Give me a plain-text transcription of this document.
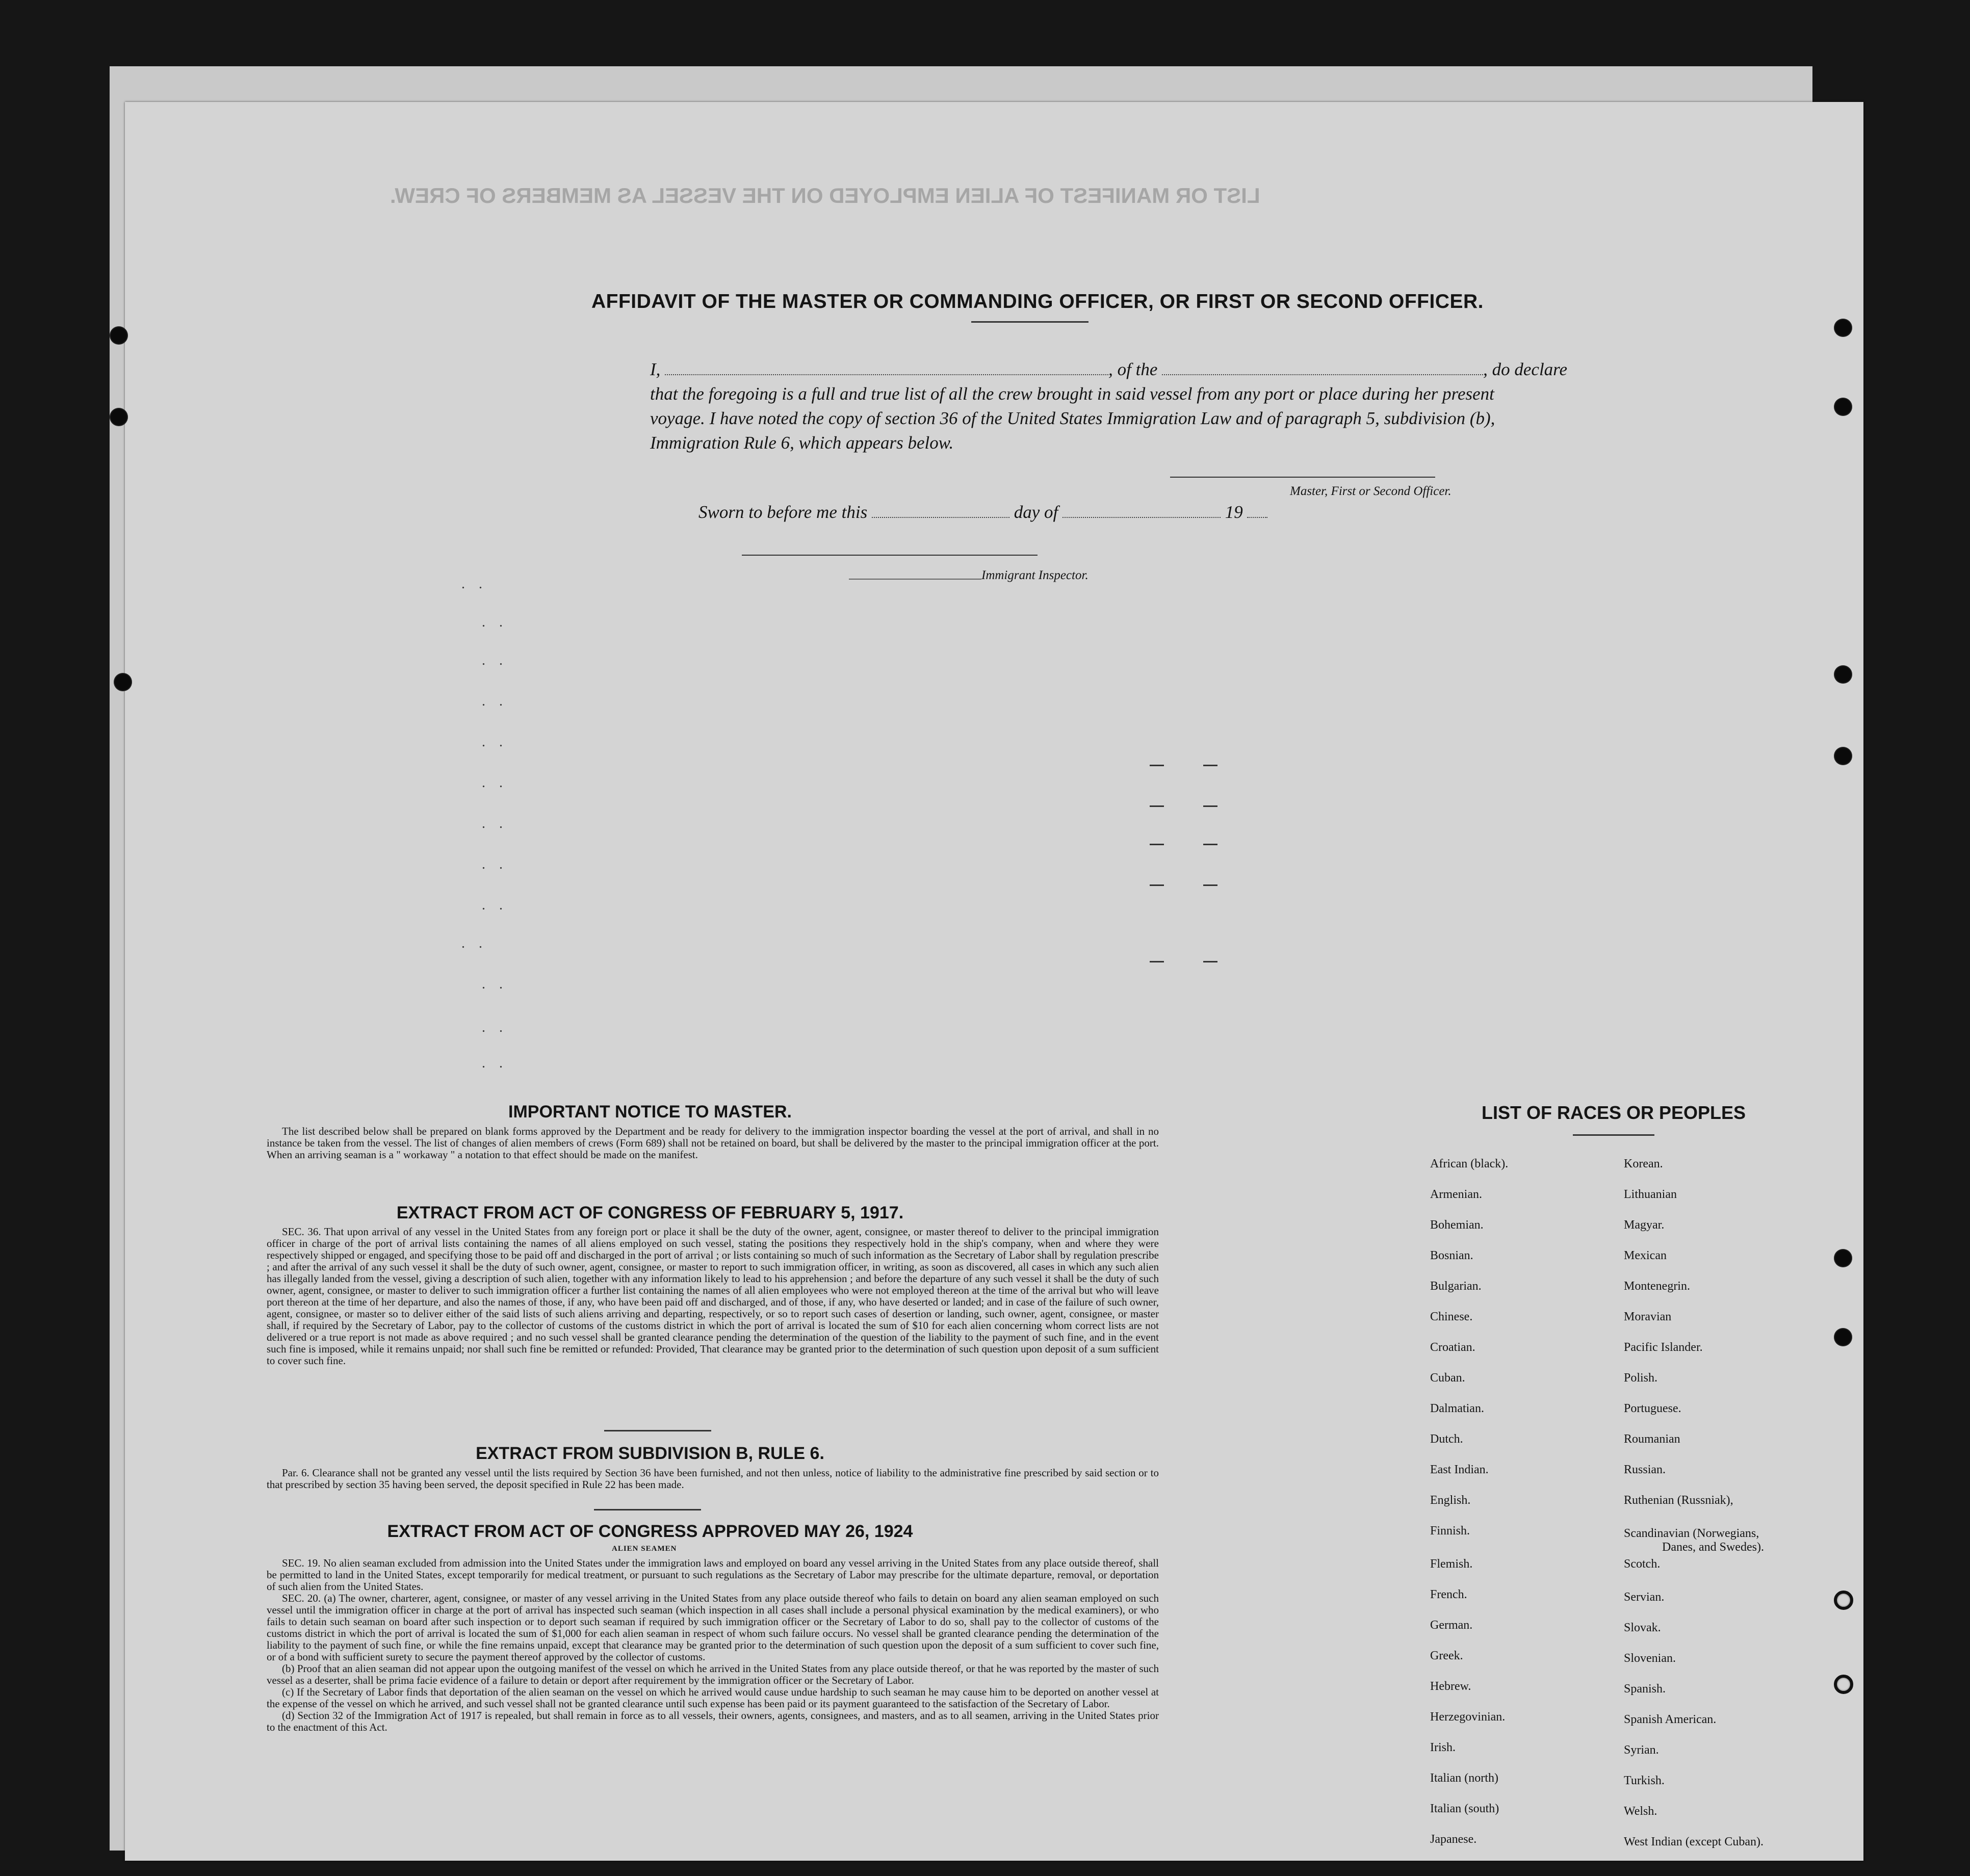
LIST OR MANIFEST OF ALIEN EMPLOYED ON THE VESSEL AS MEMBERS OF CREW.
AFFIDAVIT OF THE MASTER OR COMMANDING OFFICER, OR FIRST OR SECOND OFFICER.
I,	, of the	, do declare
that the foregoing is a full and true list of all the crew brought in said vessel from any port or place during her present
voyage. I have noted the copy of section 36 of the United States Immigration Law and of paragraph 5, subdivision (b),
Immigration Rule 6, which appears below.
Master, First or Second Officer.
Sworn to before me this	day of	19
Immigrant Inspector.
. .
. .
. .
. .
. .
. .
. .
. .
. .
. .
. .
. .
. .
IMPORTANT NOTICE TO MASTER.

The list described below shall be prepared on blank forms approved by the Department and be ready for delivery to the immigration inspector boarding the vessel at the port of arrival, and shall in no instance be taken from the vessel. The list of changes of alien members of crews (Form 689) shall not be retained on board, but shall be delivered by the master to the principal immigration officer at the port. When an arriving seaman is a " workaway " a notation to that effect should be made on the manifest.

EXTRACT FROM ACT OF CONGRESS OF FEBRUARY 5, 1917.

SEC. 36. That upon arrival of any vessel in the United States from any foreign port or place it shall be the duty of the owner, agent, consignee, or master thereof to deliver to the principal immigration officer in charge of the port of arrival lists containing the names of all aliens employed on such vessel, stating the positions they respectively hold in the ship's company, when and where they were respectively shipped or engaged, and specifying those to be paid off and discharged in the port of arrival ; or lists containing so much of such information as the Secretary of Labor shall by regulation prescribe ; and after the arrival of any such vessel it shall be the duty of such owner, agent, consignee, or master to report to such immigration officer, in writing, as soon as discovered, all cases in which any such alien has illegally landed from the vessel, giving a description of such alien, together with any information likely to lead to his apprehension ; and before the departure of any such vessel it shall be the duty of such owner, agent, consignee, or master to deliver to such immigration officer a further list containing the names of all alien employees who were not employed thereon at the time of the arrival but who will leave port thereon at the time of her departure, and also the names of those, if any, who have been paid off and discharged, and of those, if any, who have deserted or landed; and in case of the failure of such owner, agent, consignee, or master so to deliver either of the said lists of such aliens arriving and departing, respectively, or so to report such cases of desertion or landing, such owner, agent, consignee, or master shall, if required by the Secretary of Labor, pay to the collector of customs of the customs district in which the port of arrival is located the sum of $10 for each alien concerning whom correct lists are not delivered or a true report is not made as above required ; and no such vessel shall be granted clearance pending the determination of the question of the liability to the payment of such fine, and in the event such fine is imposed, while it remains unpaid; nor shall such fine be remitted or refunded: Provided, That clearance may be granted prior to the determination of such question upon deposit of a sum sufficient to cover such fine.

EXTRACT FROM SUBDIVISION B, RULE 6.

Par. 6. Clearance shall not be granted any vessel until the lists required by Section 36 have been furnished, and not then unless, notice of liability to the administrative fine prescribed by said section or to that prescribed by section 35 having been served, the deposit specified in Rule 22 has been made.

EXTRACT FROM ACT OF CONGRESS APPROVED MAY 26, 1924
ALIEN SEAMEN

SEC. 19. No alien seaman excluded from admission into the United States under the immigration laws and employed on board any vessel arriving in the United States from any place outside thereof, shall be permitted to land in the United States, except temporarily for medical treatment, or pursuant to such regulations as the Secretary of Labor may prescribe for the ultimate departure, removal, or deportation of such alien from the United States.

SEC. 20. (a) The owner, charterer, agent, consignee, or master of any vessel arriving in the United States from any place outside thereof who fails to detain on board any alien seaman employed on such vessel until the immigration officer in charge at the port of arrival has inspected such seaman (which inspection in all cases shall include a personal physical examination by the medical examiners), or who fails to detain such seaman on board after such inspection or to deport such seaman if required by such immigration officer or the Secretary of Labor to do so, shall pay to the collector of customs of the customs district in which the port of arrival is located the sum of $1,000 for each alien seaman in respect of whom such failure occurs. No vessel shall be granted clearance pending the determination of the liability to the payment of such fine, or while the fine remains unpaid, except that clearance may be granted prior to the determination of such question upon the deposit of a sum sufficient to cover such fine, or of a bond with sufficient surety to secure the payment thereof approved by the collector of customs.

(b) Proof that an alien seaman did not appear upon the outgoing manifest of the vessel on which he arrived in the United States from any place outside thereof, or that he was reported by the master of such vessel as a deserter, shall be prima facie evidence of a failure to detain or deport after requirement by the immigration officer or the Secretary of Labor.

(c) If the Secretary of Labor finds that deportation of the alien seaman on the vessel on which he arrived would cause undue hardship to such seaman he may cause him to be deported on another vessel at the expense of the vessel on which he arrived, and such vessel shall not be granted clearance until such expense has been paid or its payment guaranteed to the satisfaction of the Secretary of Labor.

(d) Section 32 of the Immigration Act of 1917 is repealed, but shall remain in force as to all vessels, their owners, agents, consignees, and masters, and as to all seamen, arriving in the United States prior to the enactment of this Act.

LIST OF RACES OR PEOPLES
African (black).
Armenian.
Bohemian.
Bosnian.
Bulgarian.
Chinese.
Croatian.
Cuban.
Dalmatian.
Dutch.
East Indian.
English.
Finnish.
Flemish.
French.
German.
Greek.
Hebrew.
Herzegovinian.
Irish.
Italian (north)
Italian (south)
Japanese.
Korean.
Lithuanian
Magyar.
Mexican
Montenegrin.
Moravian
Pacific Islander.
Polish.
Portuguese.
Roumanian
Russian.
Ruthenian (Russniak),
Scandinavian (Norwegians,
Danes, and Swedes).
Scotch.
Servian.
Slovak.
Slovenian.
Spanish.
Spanish American.
Syrian.
Turkish.
Welsh.
West Indian (except Cuban).
